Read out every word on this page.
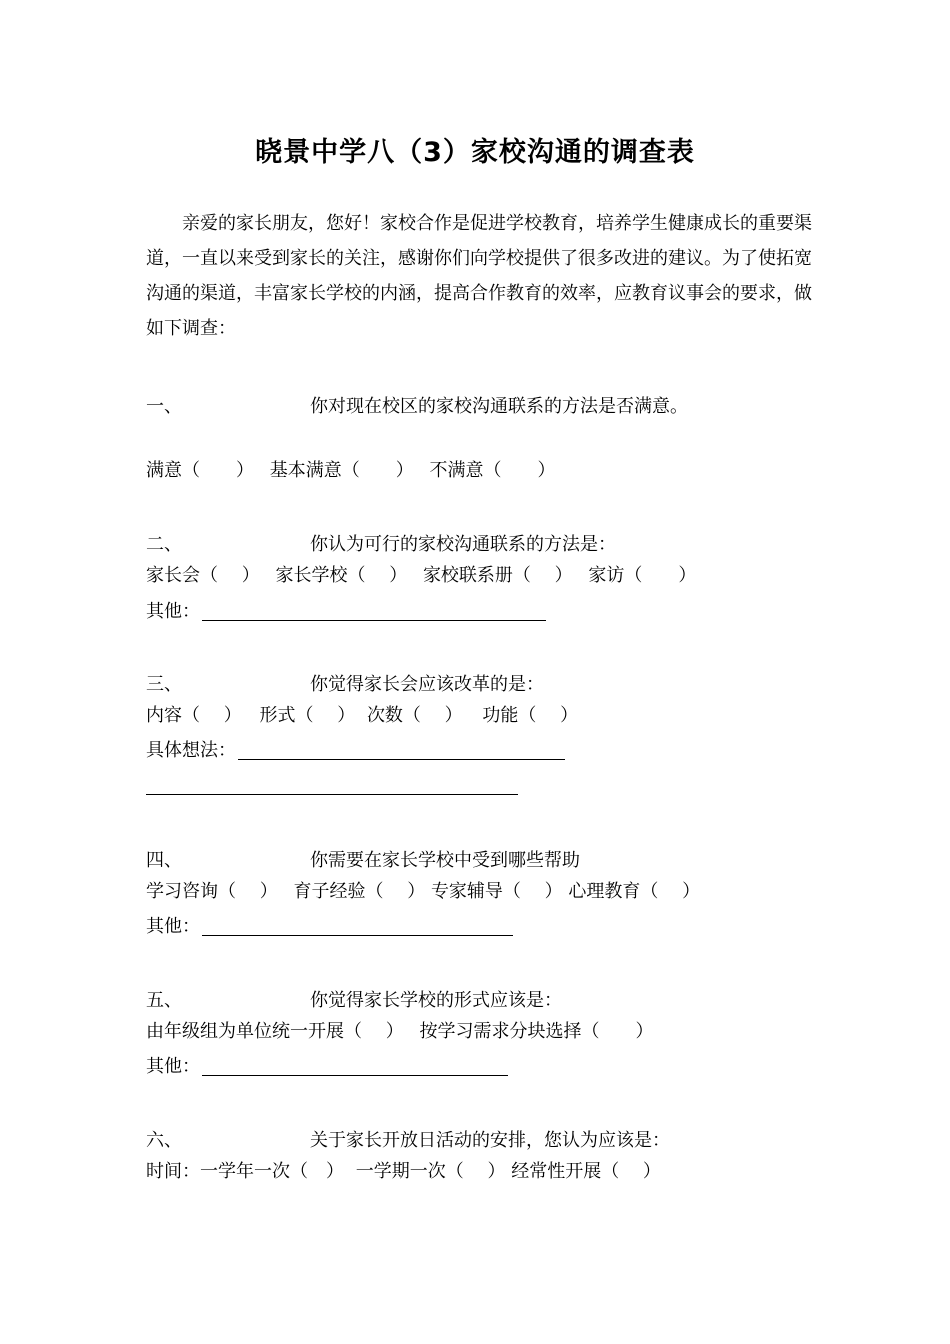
晓景中学八（3）家校沟通的调查表

亲爱的家长朋友，您好！家校合作是促进学校教育，培养学生健康成长的重要渠道，一直以来受到家长的关注，感谢你们向学校提供了很多改进的建议。为了使拓宽沟通的渠道，丰富家长学校的内涵，提高合作教育的效率，应教育议事会的要求，做如下调查：

一、	你对现在校区的家校沟通联系的方法是否满意。
满意（　　） 基本满意（　　） 不满意（　　）
二、	你认为可行的家校沟通联系的方法是：
家长会（　 ） 家长学校（　 ） 家校联系册（　 ） 家访（　　）
其他：
三、	你觉得家长会应该改革的是：
内容（　 ） 形式（　 ） 次数（　 ） 功能（　 ）
具体想法：
四、	你需要在家长学校中受到哪些帮助
学习咨询（　 ） 育子经验（　 ） 专家辅导（　 ） 心理教育（　 ）
其他：
五、	你觉得家长学校的形式应该是：
由年级组为单位统一开展（　 ） 按学习需求分块选择（　　）
其他：
六、	关于家长开放日活动的安排，您认为应该是：
时间：一学年一次（　） 一学期一次（　 ） 经常性开展（　 ）
